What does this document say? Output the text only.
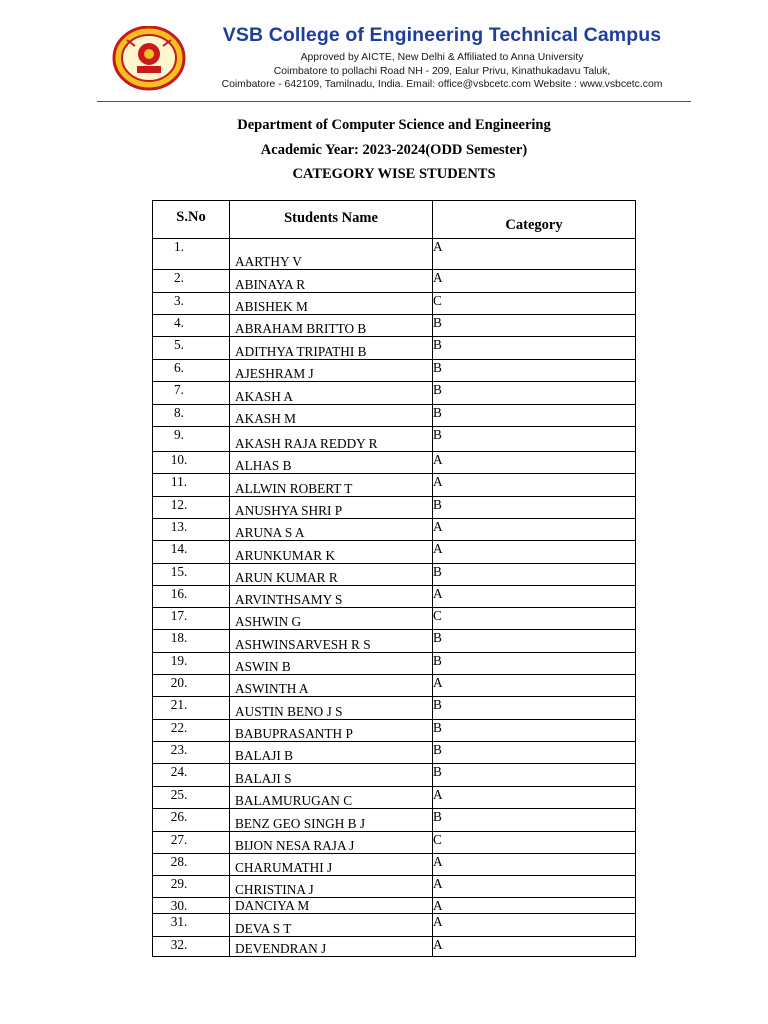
VSB College of Engineering Technical Campus
Approved by AICTE, New Delhi & Affiliated to Anna University
Coimbatore to pollachi Road NH - 209, Ealur Privu, Kinathukadavu Taluk,
Coimbatore - 642109, Tamilnadu, India. Email: office@vsbcetc.com Website : www.vsbcetc.com
Department of Computer Science and Engineering
Academic Year: 2023-2024(ODD Semester)
CATEGORY WISE STUDENTS
S.No	Students Name	Category
1.	AARTHY V	A
2.	ABINAYA R	A
3.	ABISHEK M	C
4.	ABRAHAM BRITTO B	B
5.	ADITHYA TRIPATHI B	B
6.	AJESHRAM J	B
7.	AKASH A	B
8.	AKASH M	B
9.	AKASH RAJA REDDY R	B
10.	ALHAS B	A
11.	ALLWIN ROBERT T	A
12.	ANUSHYA SHRI P	B
13.	ARUNA S A	A
14.	ARUNKUMAR K	A
15.	ARUN KUMAR R	B
16.	ARVINTHSAMY S	A
17.	ASHWIN G	C
18.	ASHWINSARVESH R S	B
19.	ASWIN B	B
20.	ASWINTH A	A
21.	AUSTIN BENO J S	B
22.	BABUPRASANTH P	B
23.	BALAJI B	B
24.	BALAJI S	B
25.	BALAMURUGAN C	A
26.	BENZ GEO SINGH B J	B
27.	BIJON NESA RAJA J	C
28.	CHARUMATHI J	A
29.	CHRISTINA J	A
30.	DANCIYA M	A
31.	DEVA S T	A
32.	DEVENDRAN J	A
